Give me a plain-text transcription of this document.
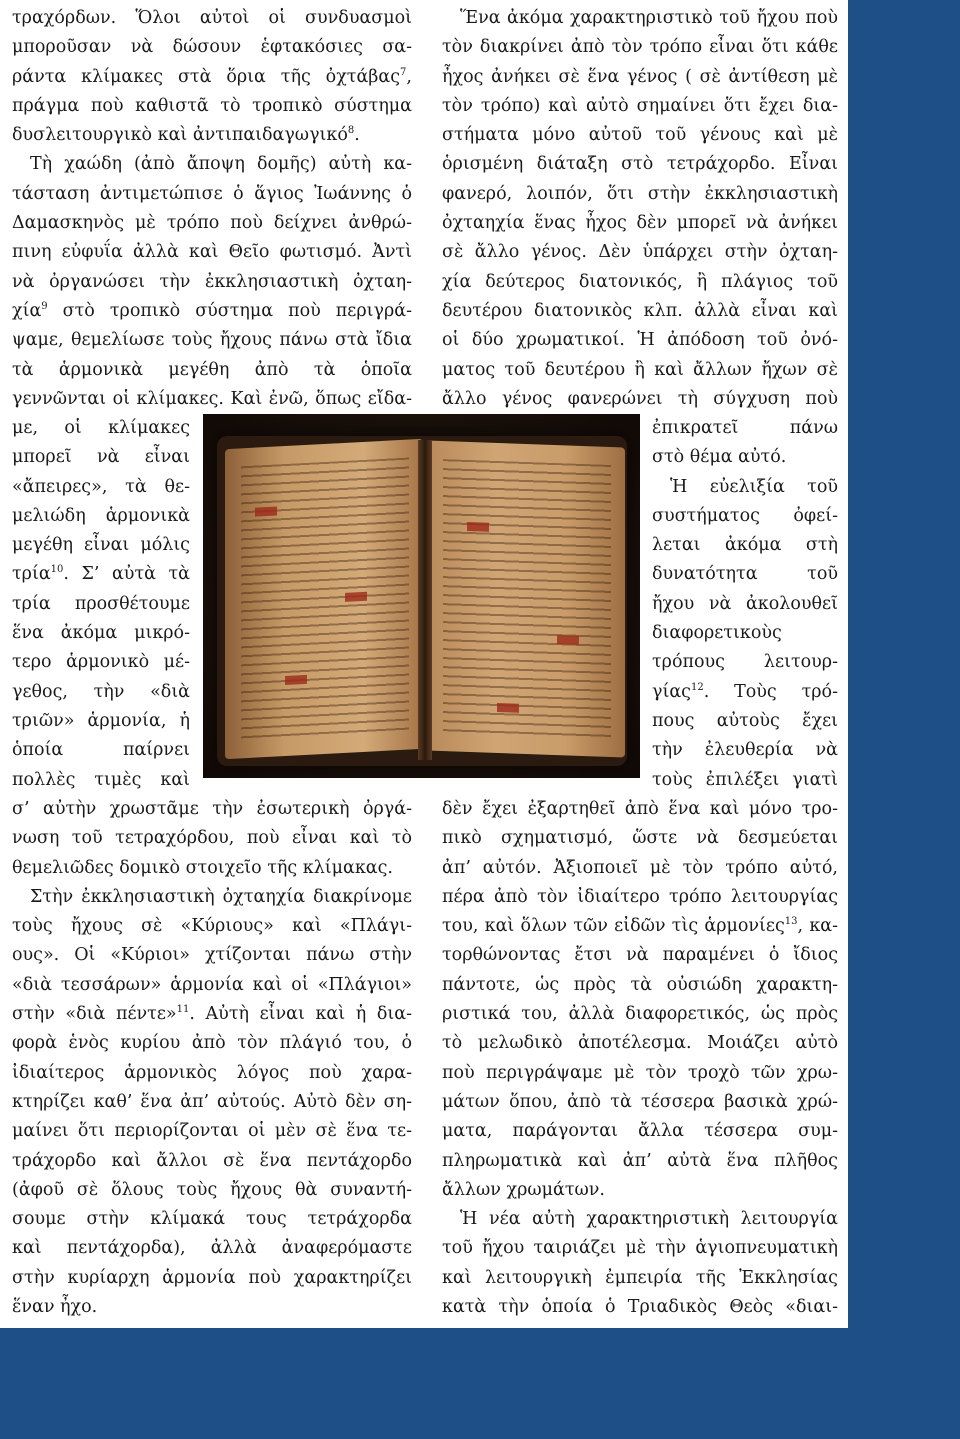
τραχόρδων. Ὅλοι αὐτοὶ οἱ συνδυασμοὶ
μποροῦσαν νὰ δώσουν ἑφτακόσιες σα-
ράντα κλίμακες στὰ ὅρια τῆς ὀχτάβας$^7$,
πράγμα ποὺ καθιστᾶ τὸ τροπικὸ σύστημα
δυσλειτουργικὸ καὶ ἀντιπαιδαγωγικό$^8$.
Τὴ χαώδη (ἀπὸ ἄποψη δομῆς) αὐτὴ κα-
τάσταση ἀντιμετώπισε ὁ ἅγιος Ἰωάννης ὁ
Δαμασκηνὸς μὲ τρόπο ποὺ δείχνει ἀνθρώ-
πινη εὐφυΐα ἀλλὰ καὶ Θεῖο φωτισμό. Ἀντὶ
νὰ ὀργανώσει τὴν ἐκκλησιαστικὴ ὀχταη-
χία$^9$ στὸ τροπικὸ σύστημα ποὺ περιγρά-
ψαμε, θεμελίωσε τοὺς ἤχους πάνω στὰ ἴδια
τὰ ἁρμονικὰ μεγέθη ἀπὸ τὰ ὁποῖα
γεννῶνται οἱ κλίμακες. Καὶ ἐνῶ, ὅπως εἴδα-
με, οἱ κλίμακες
μπορεῖ νὰ εἶναι
«ἄπειρες», τὰ θε-
μελιώδη ἁρμονικὰ
μεγέθη εἶναι μόλις
τρία$^{10}$. Σ’ αὐτὰ τὰ
τρία προσθέτουμε
ἕνα ἀκόμα μικρό-
τερο ἁρμονικὸ μέ-
γεθος, τὴν «διὰ
τριῶν» ἁρμονία, ἡ
ὁποία παίρνει
πολλὲς τιμὲς καὶ
σ’ αὐτὴν χρωστᾶμε τὴν ἐσωτερικὴ ὀργά-
νωση τοῦ τετραχόρδου, ποὺ εἶναι καὶ τὸ
θεμελιῶδες δομικὸ στοιχεῖο τῆς κλίμακας.
Στὴν ἐκκλησιαστικὴ ὀχταηχία διακρίνομε
τοὺς ἤχους σὲ «Κύριους» καὶ «Πλάγι-
ους». Οἱ «Κύριοι» χτίζονται πάνω στὴν
«διὰ τεσσάρων» ἁρμονία καὶ οἱ «Πλάγιοι»
στὴν «διὰ πέντε»$^{11}$. Αὐτὴ εἶναι καὶ ἡ δια-
φορὰ ἑνὸς κυρίου ἀπὸ τὸν πλάγιό του, ὁ
ἰδιαίτερος ἁρμονικὸς λόγος ποὺ χαρα-
κτηρίζει καθ’ ἕνα ἀπ’ αὐτούς. Αὐτὸ δὲν ση-
μαίνει ὅτι περιορίζονται οἱ μὲν σὲ ἕνα τε-
τράχορδο καὶ ἄλλοι σὲ ἕνα πεντάχορδο
(ἀφοῦ σὲ ὅλους τοὺς ἤχους θὰ συναντή-
σουμε στὴν κλίμακά τους τετράχορδα
καὶ πεντάχορδα), ἀλλὰ ἀναφερόμαστε
στὴν κυρίαρχη ἁρμονία ποὺ χαρακτηρίζει
ἕναν ἦχο.
Ἕνα ἀκόμα χαρακτηριστικὸ τοῦ ἤχου ποὺ
τὸν διακρίνει ἀπὸ τὸν τρόπο εἶναι ὅτι κάθε
ἦχος ἀνήκει σὲ ἕνα γένος ( σὲ ἀντίθεση μὲ
τὸν τρόπο) καὶ αὐτὸ σημαίνει ὅτι ἔχει δια-
στήματα μόνο αὐτοῦ τοῦ γένους καὶ μὲ
ὁρισμένη διάταξη στὸ τετράχορδο. Εἶναι
φανερό, λοιπόν, ὅτι στὴν ἐκκλησιαστικὴ
ὀχταηχία ἕνας ἦχος δὲν μπορεῖ νὰ ἀνήκει
σὲ ἄλλο γένος. Δὲν ὑπάρχει στὴν ὀχταη-
χία δεύτερος διατονικός, ἢ πλάγιος τοῦ
δευτέρου διατονικὸς κλπ. ἀλλὰ εἶναι καὶ
οἱ δύο χρωματικοί. Ἡ ἀπόδοση τοῦ ὀνό-
ματος τοῦ δευτέρου ἢ καὶ ἄλλων ἤχων σὲ
ἄλλο γένος φανερώνει τὴ σύγχυση ποὺ
ἐπικρατεῖ πάνω
στὸ θέμα αὐτό.
Ἡ εὐελιξία τοῦ
συστήματος ὀφεί-
λεται ἀκόμα στὴ
δυνατότητα τοῦ
ἤχου νὰ ἀκολουθεῖ
διαφορετικοὺς
τρόπους λειτουρ-
γίας$^{12}$. Τοὺς τρό-
πους αὐτοὺς ἔχει
τὴν ἐλευθερία νὰ
τοὺς ἐπιλέξει γιατὶ
δὲν ἔχει ἐξαρτηθεῖ ἀπὸ ἕνα καὶ μόνο τρο-
πικὸ σχηματισμό, ὥστε νὰ δεσμεύεται
ἀπ’ αὐτόν. Ἀξιοποιεῖ μὲ τὸν τρόπο αὐτό,
πέρα ἀπὸ τὸν ἰδιαίτερο τρόπο λειτουργίας
του, καὶ ὅλων τῶν εἰδῶν τὶς ἁρμονίες$^{13}$, κα-
τορθώνοντας ἔτσι νὰ παραμένει ὁ ἴδιος
πάντοτε, ὡς πρὸς τὰ οὐσιώδη χαρακτη-
ριστικά του, ἀλλὰ διαφορετικός, ὡς πρὸς
τὸ μελωδικὸ ἀποτέλεσμα. Μοιάζει αὐτὸ
ποὺ περιγράψαμε μὲ τὸν τροχὸ τῶν χρω-
μάτων ὅπου, ἀπὸ τὰ τέσσερα βασικὰ χρώ-
ματα, παράγονται ἄλλα τέσσερα συμ-
πληρωματικὰ καὶ ἀπ’ αὐτὰ ἕνα πλῆθος
ἄλλων χρωμάτων.
Ἡ νέα αὐτὴ χαρακτηριστικὴ λειτουργία
τοῦ ἤχου ταιριάζει μὲ τὴν ἁγιοπνευματικὴ
καὶ λειτουργικὴ ἐμπειρία τῆς Ἐκκλησίας
κατὰ τὴν ὁποία ὁ Τριαδικὸς Θεὸς «διαι-
